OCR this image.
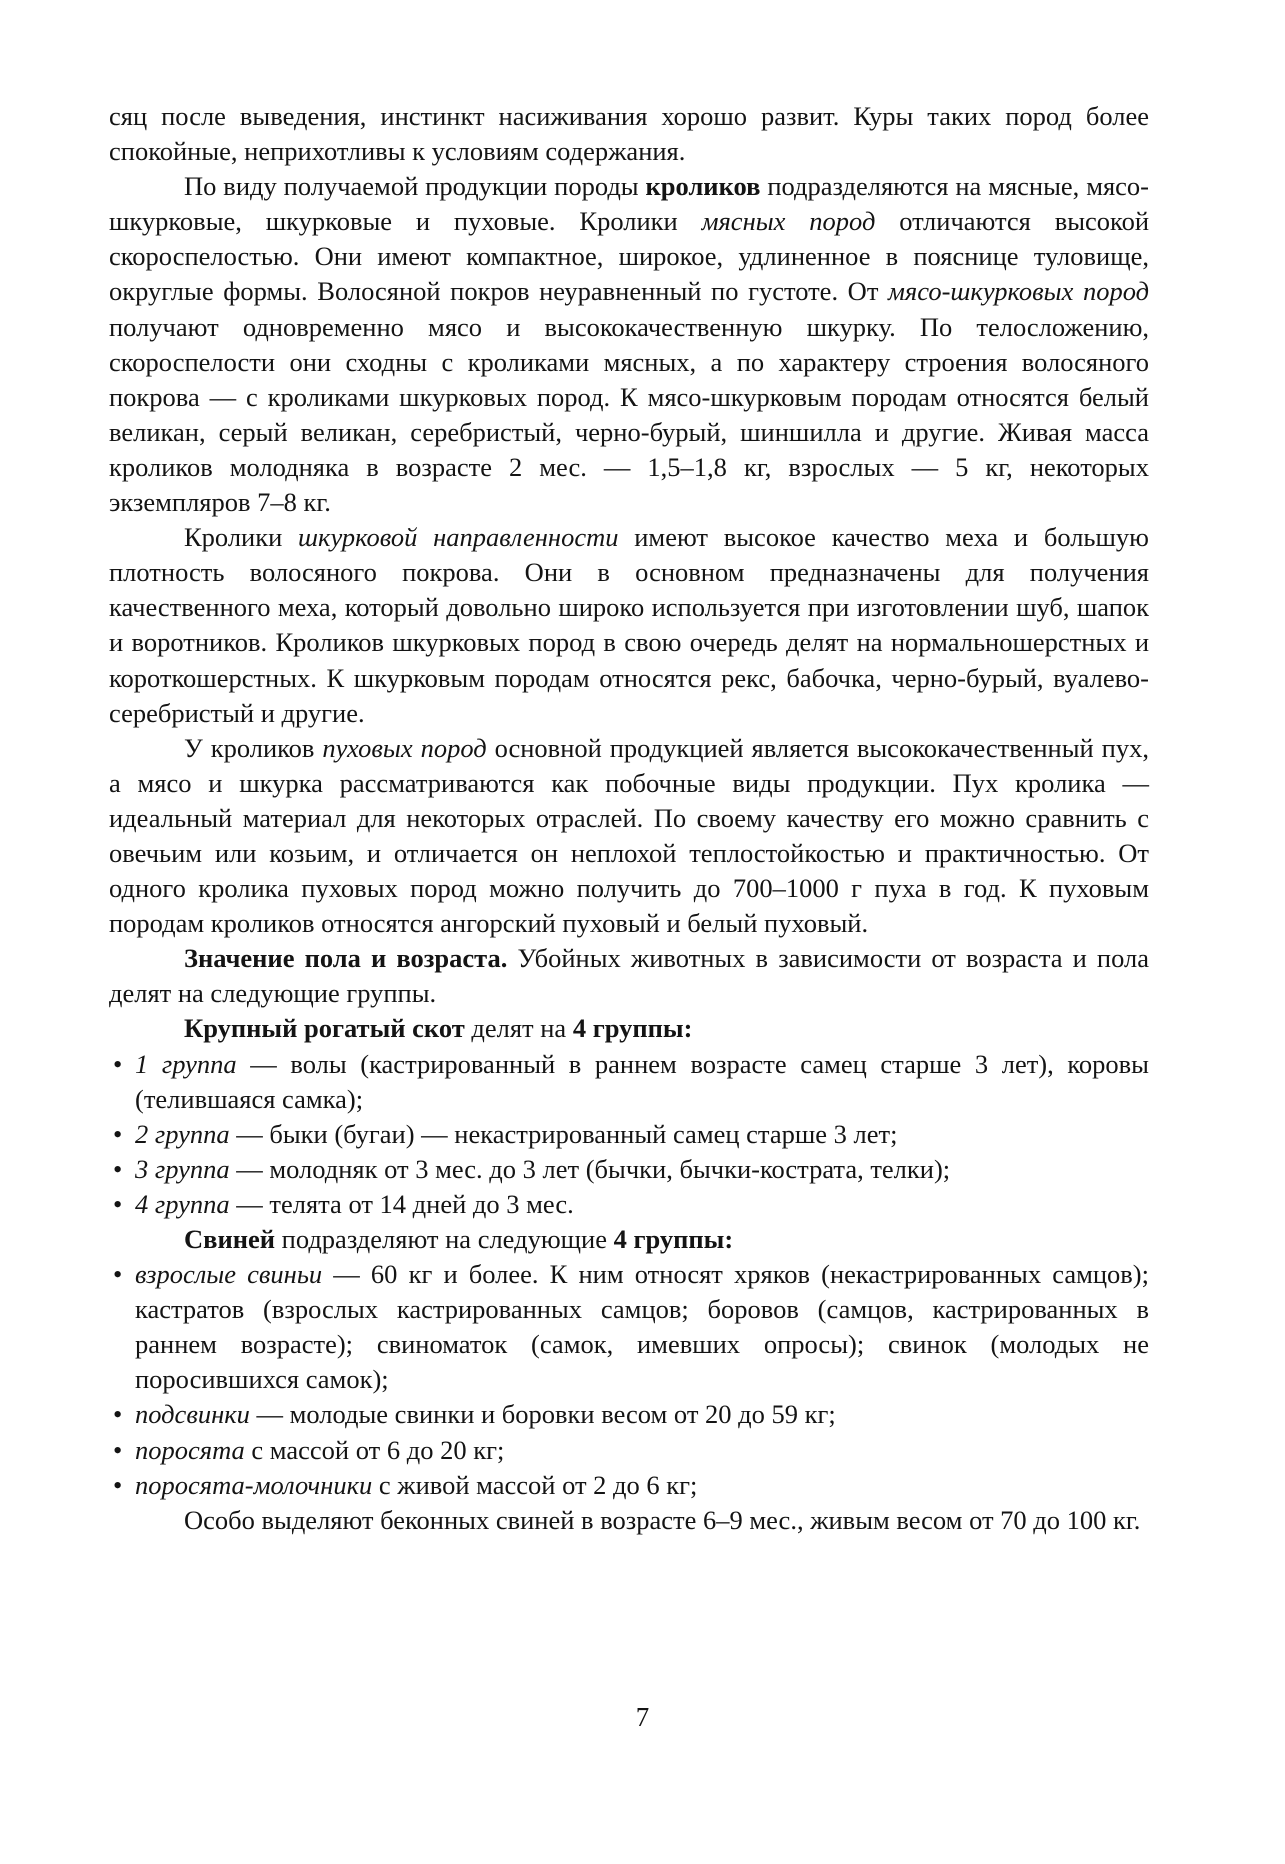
сяц после выведения, инстинкт насиживания хорошо развит. Куры таких пород более спокойные, неприхотливы к условиям содержания.

По виду получаемой продукции породы кроликов подразделяются на мясные, мясо-шкурковые, шкурковые и пуховые. Кролики мясных пород отличаются высокой скороспелостью. Они имеют компактное, широкое, удлиненное в пояснице туловище, округлые формы. Волосяной покров неуравненный по густоте. От мясо-шкурковых пород получают одновременно мясо и высококачественную шкурку. По телосложению, скороспелости они сходны с кроликами мясных, а по характеру строения волосяного покрова — с кроликами шкурковых пород. К мясо-шкурковым породам относятся белый великан, серый великан, серебристый, черно-бурый, шиншилла и другие. Живая масса кроликов молодняка в возрасте 2 мес. — 1,5–1,8 кг, взрослых — 5 кг, некоторых экземпляров 7–8 кг.

Кролики шкурковой направленности имеют высокое качество меха и большую плотность волосяного покрова. Они в основном предназначены для получения качественного меха, который довольно широко используется при изготовлении шуб, шапок и воротников. Кроликов шкурковых пород в свою очередь делят на нормальношерстных и короткошерстных. К шкурковым породам относятся рекс, бабочка, черно-бурый, вуалево-серебристый и другие.

У кроликов пуховых пород основной продукцией является высококачественный пух, а мясо и шкурка рассматриваются как побочные виды продукции. Пух кролика — идеальный материал для некоторых отраслей. По своему качеству его можно сравнить с овечьим или козьим, и отличается он неплохой теплостойкостью и практичностью. От одного кролика пуховых пород можно получить до 700–1000 г пуха в год. К пуховым породам кроликов относятся ангорский пуховый и белый пуховый.

Значение пола и возраста. Убойных животных в зависимости от возраста и пола делят на следующие группы.

Крупный рогатый скот делят на 4 группы:

• 1 группа — волы (кастрированный в раннем возрасте самец старше 3 лет), коровы (телившаяся самка);

• 2 группа — быки (бугаи) — некастрированный самец старше 3 лет;

• 3 группа — молодняк от 3 мес. до 3 лет (бычки, бычки-кострата, телки);

• 4 группа — телята от 14 дней до 3 мес.

Свиней подразделяют на следующие 4 группы:

• взрослые свиньи — 60 кг и более. К ним относят хряков (некастрированных самцов); кастратов (взрослых кастрированных самцов; боровов (самцов, кастрированных в раннем возрасте); свиноматок (самок, имевших опросы); свинок (молодых не поросившихся самок);

• подсвинки — молодые свинки и боровки весом от 20 до 59 кг;

• поросята с массой от 6 до 20 кг;

• поросята-молочники с живой массой от 2 до 6 кг;

Особо выделяют беконных свиней в возрасте 6–9 мес., живым весом от 70 до 100 кг.

7
